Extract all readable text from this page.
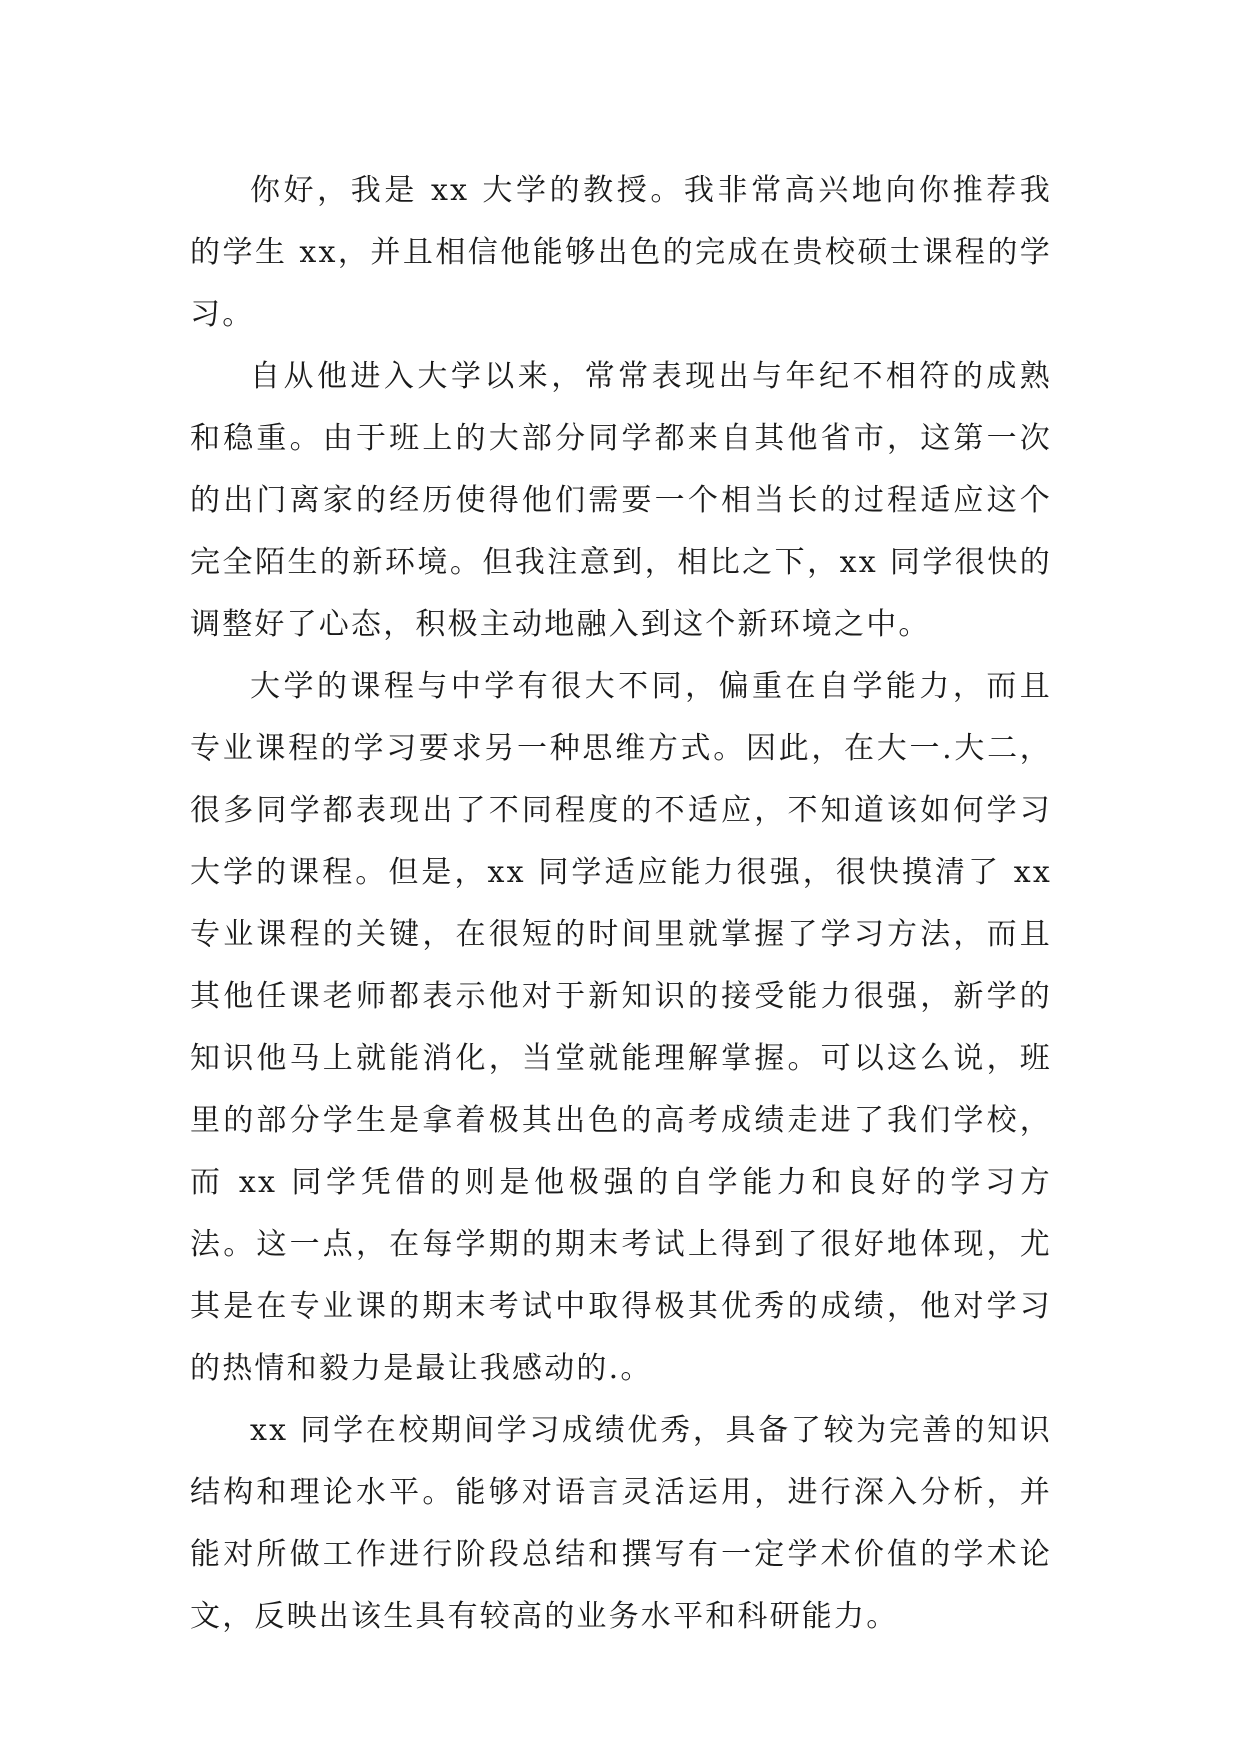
你好，我是 xx 大学的教授。我非常高兴地向你推荐我的学生 xx，并且相信他能够出色的完成在贵校硕士课程的学习。

自从他进入大学以来，常常表现出与年纪不相符的成熟和稳重。由于班上的大部分同学都来自其他省市，这第一次的出门离家的经历使得他们需要一个相当长的过程适应这个完全陌生的新环境。但我注意到，相比之下，xx 同学很快的调整好了心态，积极主动地融入到这个新环境之中。

大学的课程与中学有很大不同，偏重在自学能力，而且专业课程的学习要求另一种思维方式。因此，在大一.大二，很多同学都表现出了不同程度的不适应，不知道该如何学习大学的课程。但是，xx 同学适应能力很强，很快摸清了 xx 专业课程的关键，在很短的时间里就掌握了学习方法，而且其他任课老师都表示他对于新知识的接受能力很强，新学的知识他马上就能消化，当堂就能理解掌握。可以这么说，班里的部分学生是拿着极其出色的高考成绩走进了我们学校，而 xx 同学凭借的则是他极强的自学能力和良好的学习方法。这一点，在每学期的期末考试上得到了很好地体现，尤其是在专业课的期末考试中取得极其优秀的成绩，他对学习的热情和毅力是最让我感动的.。

xx 同学在校期间学习成绩优秀，具备了较为完善的知识结构和理论水平。能够对语言灵活运用，进行深入分析，并能对所做工作进行阶段总结和撰写有一定学术价值的学术论文，反映出该生具有较高的业务水平和科研能力。
